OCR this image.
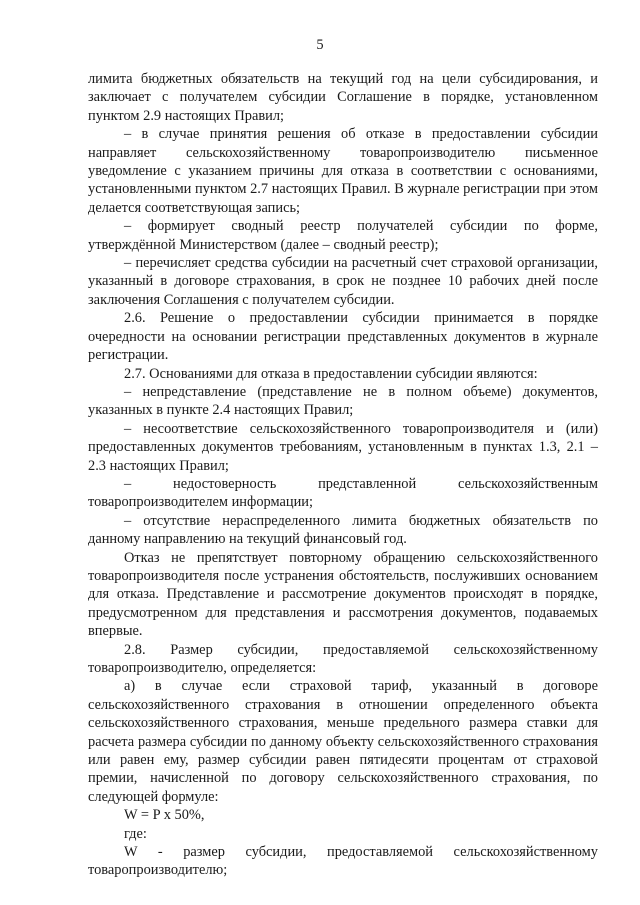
5

лимита бюджетных обязательств на текущий год на цели субсидирования, и заключает с получателем субсидии Соглашение в порядке, установленном пунктом 2.9 настоящих Правил;

– в случае принятия решения об отказе в предоставлении субсидии направляет сельскохозяйственному товаропроизводителю письменное уведомление с указанием причины для отказа в соответствии с основаниями, установленными пунктом 2.7 настоящих Правил. В журнале регистрации при этом делается соответствующая запись;

– формирует сводный реестр получателей субсидии по форме, утверждённой Министерством (далее – сводный реестр);

– перечисляет средства субсидии на расчетный счет страховой организации, указанный в договоре страхования, в срок не позднее 10 рабочих дней после заключения Соглашения с получателем субсидии.

2.6. Решение о предоставлении субсидии принимается в порядке очередности на основании регистрации представленных документов в журнале регистрации.

2.7. Основаниями для отказа в предоставлении субсидии являются:

– непредставление (представление не в полном объеме) документов, указанных в пункте 2.4 настоящих Правил;

– несоответствие сельскохозяйственного товаропроизводителя и (или) предоставленных документов требованиям, установленным в пунктах 1.3, 2.1 – 2.3 настоящих Правил;

– недостоверность представленной сельскохозяйственным товаропроизводителем информации;

– отсутствие нераспределенного лимита бюджетных обязательств по данному направлению на текущий финансовый год.

Отказ не препятствует повторному обращению сельскохозяйственного товаропроизводителя после устранения обстоятельств, послуживших основанием для отказа. Представление и рассмотрение документов происходят в порядке, предусмотренном для представления и рассмотрения документов, подаваемых впервые.

2.8. Размер субсидии, предоставляемой сельскохозяйственному товаропроизводителю, определяется:

а) в случае если страховой тариф, указанный в договоре сельскохозяйственного страхования в отношении определенного объекта сельскохозяйственного страхования, меньше предельного размера ставки для расчета размера субсидии по данному объекту сельскохозяйственного страхования или равен ему, размер субсидии равен пятидесяти процентам от страховой премии, начисленной по договору сельскохозяйственного страхования, по следующей формуле:

W = P x 50%,

где:

W - размер субсидии, предоставляемой сельскохозяйственному товаропроизводителю;
